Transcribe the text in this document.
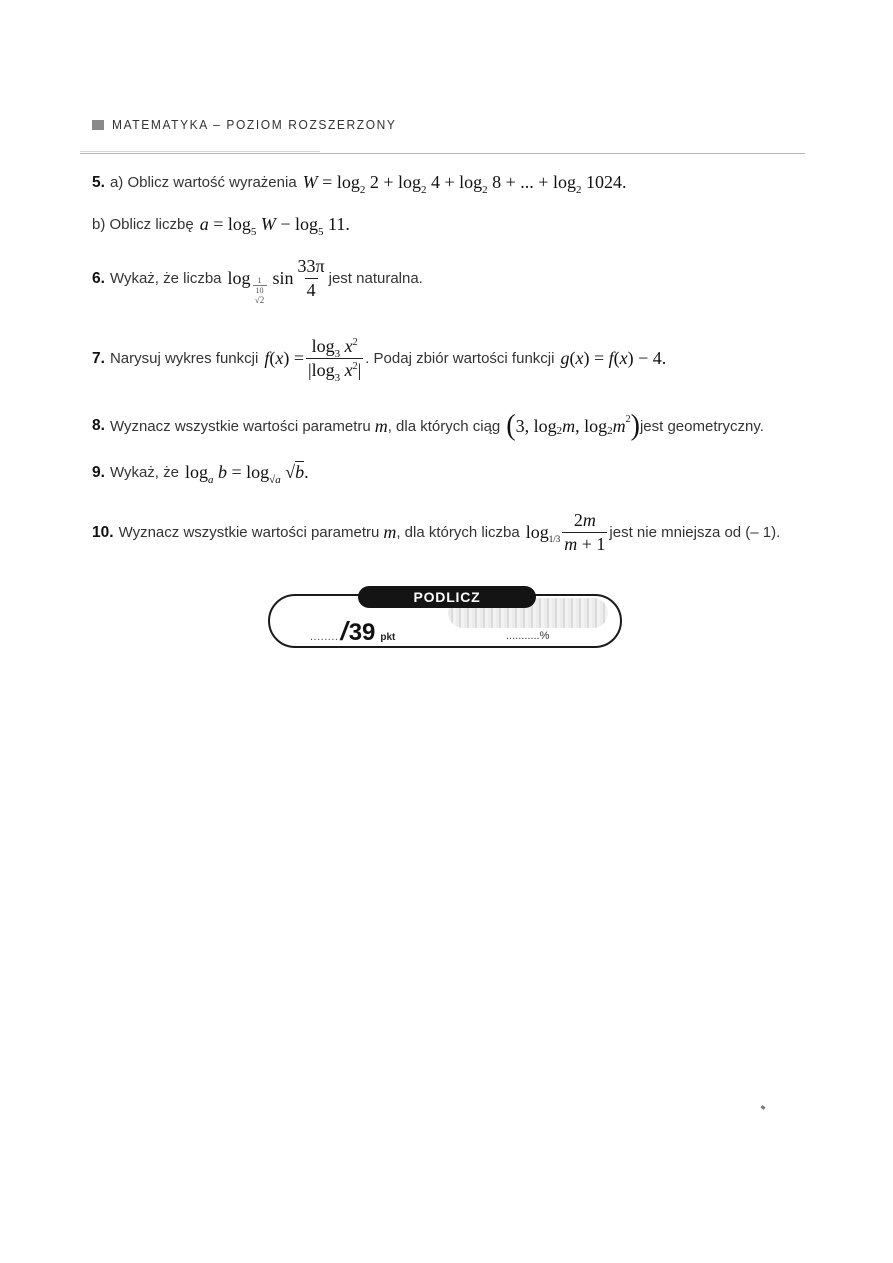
MATEMATYKA – POZIOM ROZSZERZONY
5. a) Oblicz wartość wyrażenia $W = \log_2 2 + \log_2 4 + \log_2 8$ + ... + $\log_2 1024$.
b) Oblicz liczbę $a = \log_5 W - \log_5 11$.
6. Wykaż, że liczba log 1
10
√2
$\sin \frac{33\pi}{4}$ jest naturalna.
7. Narysuj wykres funkcji f ( x ) = $\frac{\log_3 x^2}{|\log_3 x^2|}$ . Podaj zbiór wartości funkcji g(x) = f(x) − 4.
8. Wyznacz wszystkie wartości parametru m , dla których ciąg ( 3, log 2 m , log 2 m 2 ) jest geometryczny.
9. Wykaż, że $\log_a b = \log_{√a} √b$.
10. Wyznacz wszystkie wartości parametru m , dla których liczba $\log 1/3 \frac{2m}{m + 1}$ jest nie mniejsza od (– 1).
PODLICZ
........ / 39 pkt	...........%
